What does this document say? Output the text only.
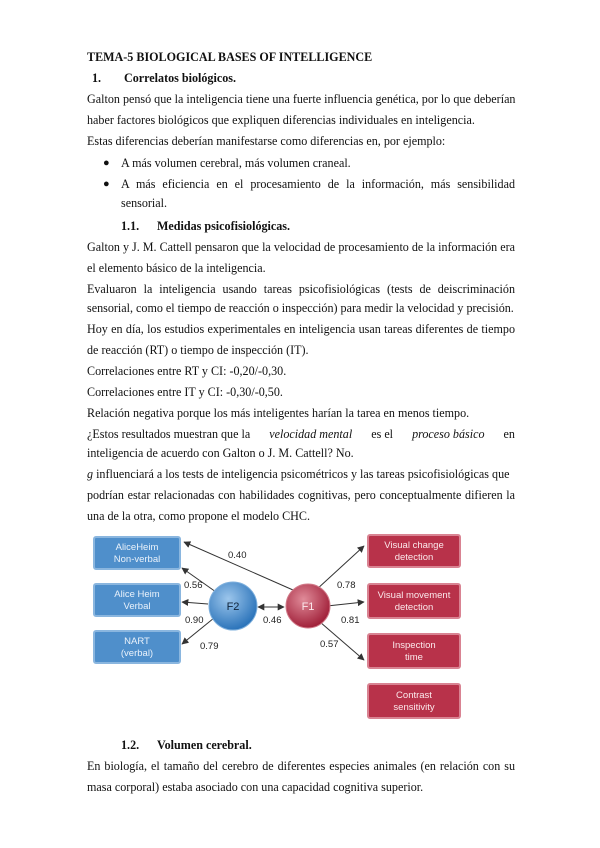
TEMA-5 BIOLOGICAL BASES OF INTELLIGENCE
1. Correlatos biológicos.
Galton pensó que la inteligencia tiene una fuerte influencia genética, por lo que deberían
haber factores biológicos que expliquen diferencias individuales en inteligencia.
Estas diferencias deberían manifestarse como diferencias en, por ejemplo:
● A más volumen cerebral, más volumen craneal.
● A más eficiencia en el procesamiento de la información, más sensibilidad
sensorial.
1.1. Medidas psicofisiológicas.
Galton y J. M. Cattell pensaron que la velocidad de procesamiento de la información era
el elemento básico de la inteligencia.
Evaluaron la inteligencia usando tareas psicofisiológicas (tests de deiscriminación
sensorial, como el tiempo de reacción o inspección) para medir la velocidad y precisión.
Hoy en día, los estudios experimentales en inteligencia usan tareas diferentes de tiempo
de reacción (RT) o tiempo de inspección (IT).
Correlaciones entre RT y CI: -0,20/-0,30.
Correlaciones entre IT y CI: -0,30/-0,50.
Relación negativa porque los más inteligentes harían la tarea en menos tiempo.
¿Estos resultados muestran que la velocidad mental es el proceso básico en
inteligencia de acuerdo con Galton o J. M. Cattell? No.
g influenciará a los tests de inteligencia psicométricos y las tareas psicofisiológicas que
podrían estar relacionadas con habilidades cognitivas, pero conceptualmente difieren la
una de la otra, como propone el modelo CHC.
AliceHeim
Non-verbal
Alice Heim
Verbal
NART
(verbal)
Visual change
detection
Visual movement
detection
Inspection
time
Contrast
sensitivity
F2	F1
0.56
0.90
0.79
0.40
0.46
0.78
0.81
0.57
1.2. Volumen cerebral.
En biología, el tamaño del cerebro de diferentes especies animales (en relación con su
masa corporal) estaba asociado con una capacidad cognitiva superior.
